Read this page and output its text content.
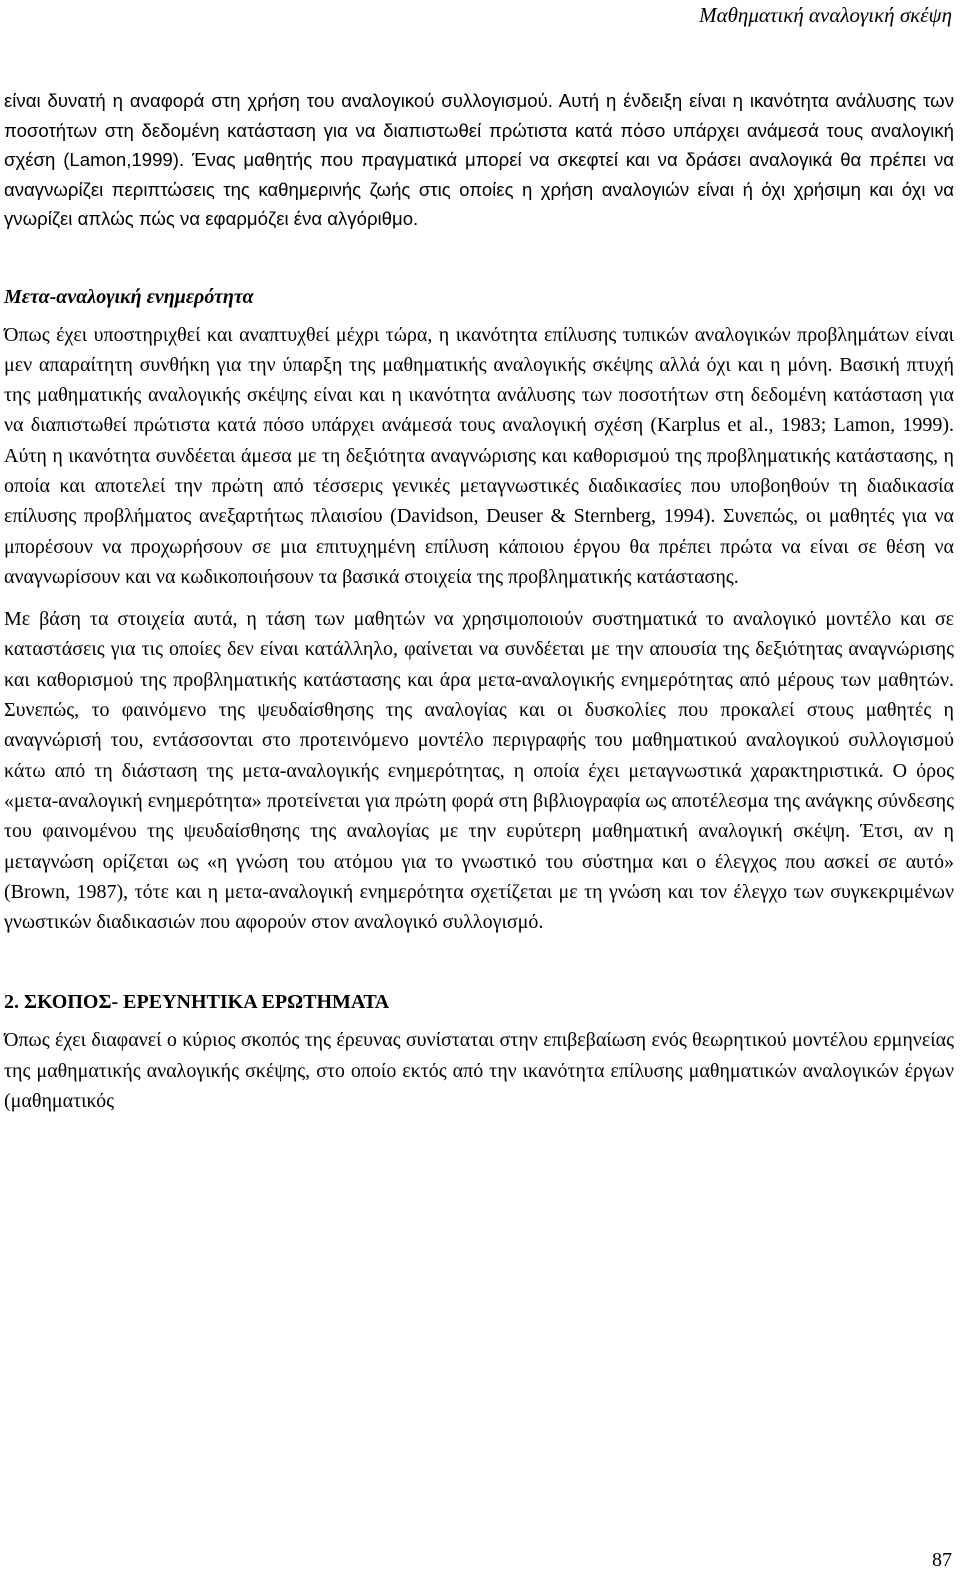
Μαθηματική αναλογική σκέψη

είναι δυνατή η αναφορά στη χρήση του αναλογικού συλλογισμού. Αυτή η ένδειξη είναι η ικανότητα ανάλυσης των ποσοτήτων στη δεδομένη κατάσταση για να διαπιστωθεί πρώτιστα κατά πόσο υπάρχει ανάμεσά τους αναλογική σχέση (Lamon,1999). Ένας μαθητής που πραγματικά μπορεί να σκεφτεί και να δράσει αναλογικά θα πρέπει να αναγνωρίζει περιπτώσεις της καθημερινής ζωής στις οποίες η χρήση αναλογιών είναι ή όχι χρήσιμη και όχι να γνωρίζει απλώς πώς να εφαρμόζει ένα αλγόριθμο.

Μετα-αναλογική ενημερότητα

Όπως έχει υποστηριχθεί και αναπτυχθεί μέχρι τώρα, η ικανότητα επίλυσης τυπικών αναλογικών προβλημάτων είναι μεν απαραίτητη συνθήκη για την ύπαρξη της μαθηματικής αναλογικής σκέψης αλλά όχι και η μόνη. Βασική πτυχή της μαθηματικής αναλογικής σκέψης είναι και η ικανότητα ανάλυσης των ποσοτήτων στη δεδομένη κατάσταση για να διαπιστωθεί πρώτιστα κατά πόσο υπάρχει ανάμεσά τους αναλογική σχέση (Karplus et al., 1983; Lamon, 1999). Αύτη η ικανότητα συνδέεται άμεσα με τη δεξιότητα αναγνώρισης και καθορισμού της προβληματικής κατάστασης, η οποία και αποτελεί την πρώτη από τέσσερις γενικές μεταγνωστικές διαδικασίες που υποβοηθούν τη διαδικασία επίλυσης προβλήματος ανεξαρτήτως πλαισίου (Davidson, Deuser & Sternberg, 1994). Συνεπώς, οι μαθητές για να μπορέσουν να προχωρήσουν σε μια επιτυχημένη επίλυση κάποιου έργου θα πρέπει πρώτα να είναι σε θέση να αναγνωρίσουν και να κωδικοποιήσουν τα βασικά στοιχεία της προβληματικής κατάστασης.

Με βάση τα στοιχεία αυτά, η τάση των μαθητών να χρησιμοποιούν συστηματικά το αναλογικό μοντέλο και σε καταστάσεις για τις οποίες δεν είναι κατάλληλο, φαίνεται να συνδέεται με την απουσία της δεξιότητας αναγνώρισης και καθορισμού της προβληματικής κατάστασης και άρα μετα-αναλογικής ενημερότητας από μέρους των μαθητών. Συνεπώς, το φαινόμενο της ψευδαίσθησης της αναλογίας και οι δυσκολίες που προκαλεί στους μαθητές η αναγνώρισή του, εντάσσονται στο προτεινόμενο μοντέλο περιγραφής του μαθηματικού αναλογικού συλλογισμού κάτω από τη διάσταση της μετα-αναλογικής ενημερότητας, η οποία έχει μεταγνωστικά χαρακτηριστικά. Ο όρος «μετα-αναλογική ενημερότητα» προτείνεται για πρώτη φορά στη βιβλιογραφία ως αποτέλεσμα της ανάγκης σύνδεσης του φαινομένου της ψευδαίσθησης της αναλογίας με την ευρύτερη μαθηματική αναλογική σκέψη. Έτσι, αν η μεταγνώση ορίζεται ως «η γνώση του ατόμου για το γνωστικό του σύστημα και ο έλεγχος που ασκεί σε αυτό» (Brown, 1987), τότε και η μετα-αναλογική ενημερότητα σχετίζεται με τη γνώση και τον έλεγχο των συγκεκριμένων γνωστικών διαδικασιών που αφορούν στον αναλογικό συλλογισμό.

2. ΣΚΟΠΟΣ- ΕΡΕΥΝΗΤΙΚΑ ΕΡΩΤΗΜΑΤΑ

Όπως έχει διαφανεί ο κύριος σκοπός της έρευνας συνίσταται στην επιβεβαίωση ενός θεωρητικού μοντέλου ερμηνείας της μαθηματικής αναλογικής σκέψης, στο οποίο εκτός από την ικανότητα επίλυσης μαθηματικών αναλογικών έργων (μαθηματικός

87
